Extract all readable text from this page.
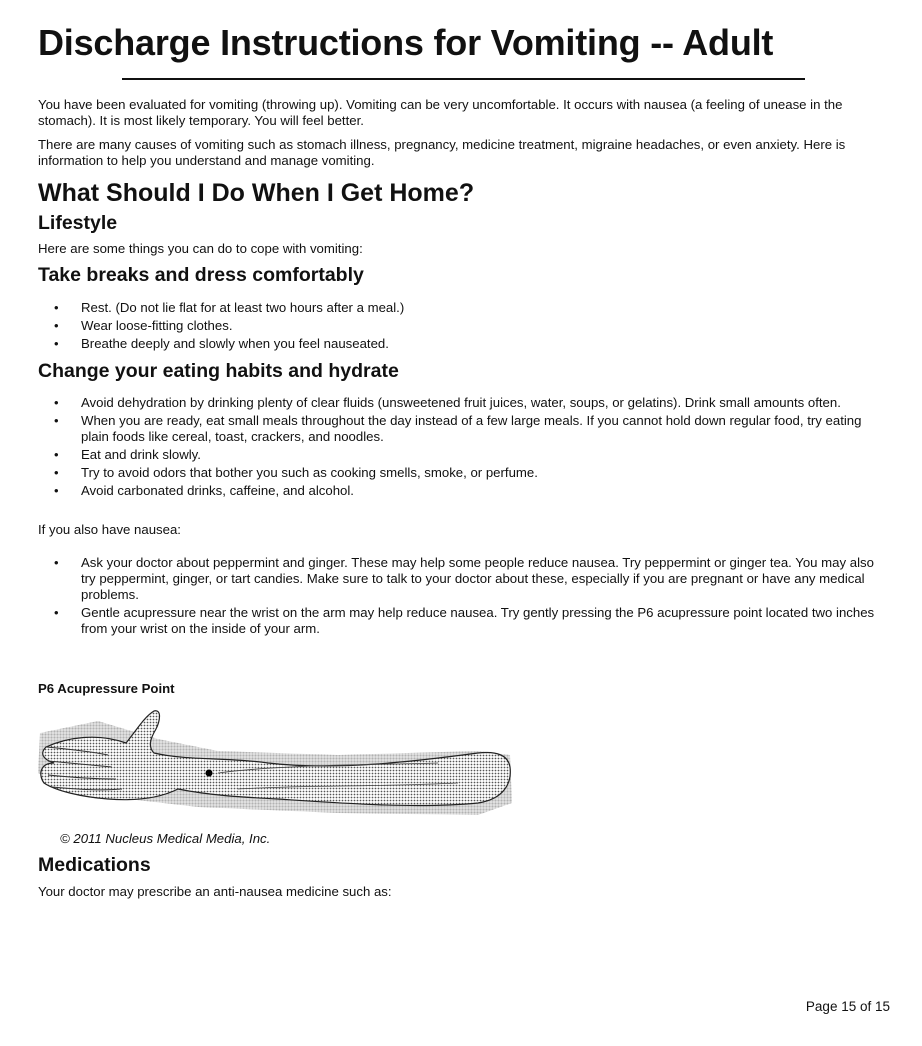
Discharge Instructions for Vomiting -- Adult

You have been evaluated for vomiting (throwing up). Vomiting can be very uncomfortable. It occurs with nausea (a feeling of unease in the stomach). It is most likely temporary. You will feel better.

There are many causes of vomiting such as stomach illness, pregnancy, medicine treatment, migraine headaches, or even anxiety. Here is information to help you understand and manage vomiting.

What Should I Do When I Get Home?
Lifestyle

Here are some things you can do to cope with vomiting:

Take breaks and dress comfortably
• Rest. (Do not lie flat for at least two hours after a meal.)
• Wear loose-fitting clothes.
• Breathe deeply and slowly when you feel nauseated.
Change your eating habits and hydrate
• Avoid dehydration by drinking plenty of clear fluids (unsweetened fruit juices, water, soups, or gelatins). Drink small amounts often.
• When you are ready, eat small meals throughout the day instead of a few large meals. If you cannot hold down regular food, try eating plain foods like cereal, toast, crackers, and noodles.
• Eat and drink slowly.
• Try to avoid odors that bother you such as cooking smells, smoke, or perfume.
• Avoid carbonated drinks, caffeine, and alcohol.

If you also have nausea:

• Ask your doctor about peppermint and ginger. These may help some people reduce nausea. Try peppermint or ginger tea. You may also try peppermint, ginger, or tart candies. Make sure to talk to your doctor about these, especially if you are pregnant or have any medical problems.
• Gentle acupressure near the wrist on the arm may help reduce nausea. Try gently pressing the P6 acupressure point located two inches from your wrist on the inside of your arm.
P6 Acupressure Point
© 2011 Nucleus Medical Media, Inc.
Medications

Your doctor may prescribe an anti-nausea medicine such as:

Page 15 of 15
